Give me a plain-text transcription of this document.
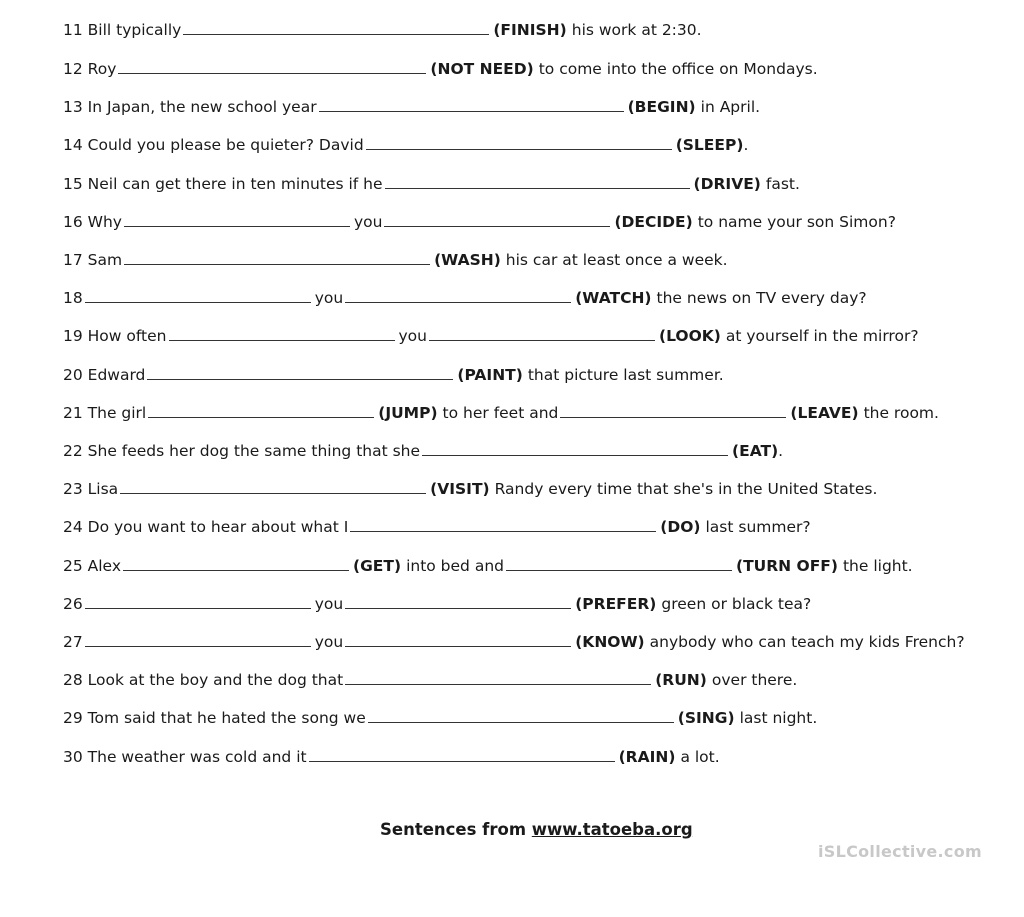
11 Bill typically	(FINISH) his work at 2:30.
12 Roy	(NOT NEED) to come into the office on Mondays.
13 In Japan, the new school year	(BEGIN) in April.
14 Could you please be quieter? David	(SLEEP) .
15 Neil can get there in ten minutes if he	(DRIVE) fast.
16 Why	you	(DECIDE) to name your son Simon?
17 Sam	(WASH) his car at least once a week.
18	you	(WATCH) the news on TV every day?
19 How often	you	(LOOK) at yourself in the mirror?
20 Edward	(PAINT) that picture last summer.
21 The girl	(JUMP) to her feet and	(LEAVE) the room.
22 She feeds her dog the same thing that she	(EAT) .
23 Lisa	(VISIT) Randy every time that she's in the United States.
24 Do you want to hear about what I	(DO) last summer?
25 Alex	(GET) into bed and	(TURN OFF) the light.
26	you	(PREFER) green or black tea?
27	you	(KNOW) anybody who can teach my kids French?
28 Look at the boy and the dog that	(RUN) over there.
29 Tom said that he hated the song we	(SING) last night.
30 The weather was cold and it	(RAIN) a lot.
Sentences from www.tatoeba.org
iSLCollective.com
